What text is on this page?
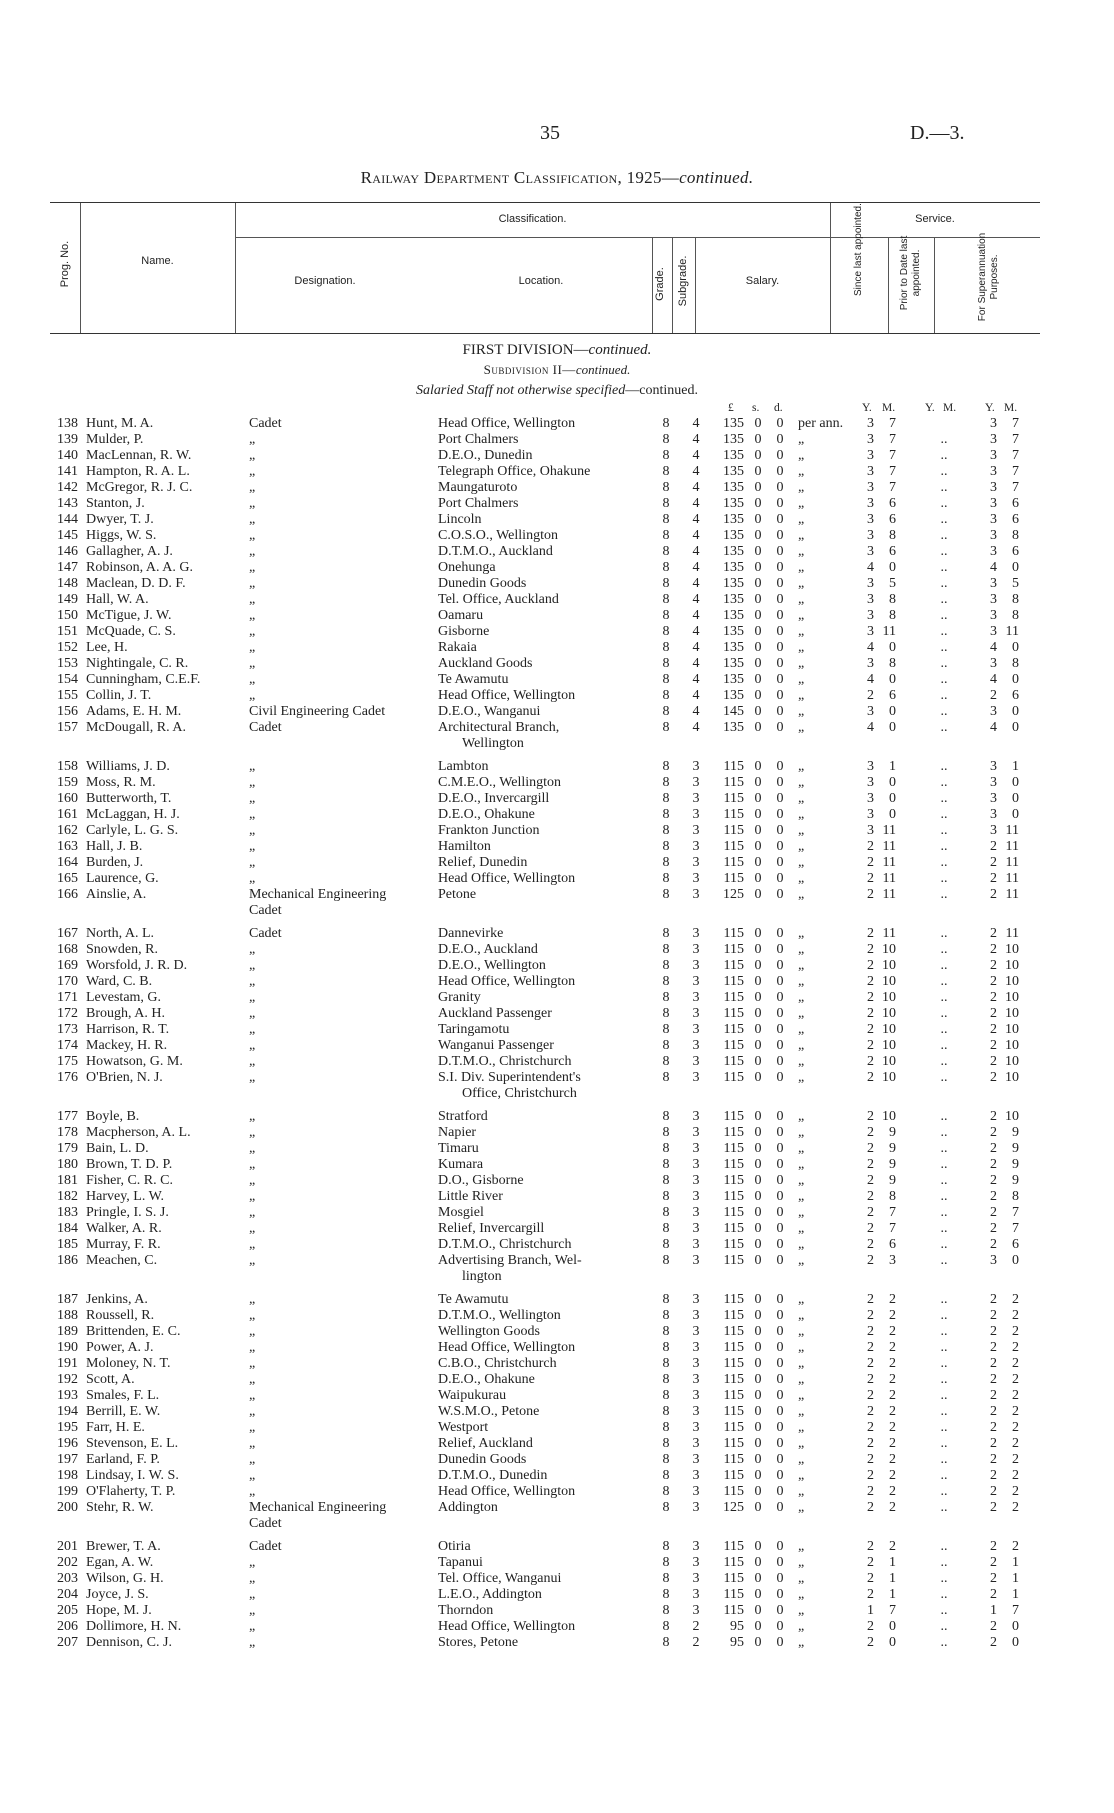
35	D.—3.
Railway Department Classification, 1925—continued.
Prog. No.	Name.
Classification.
Designation.	Location.	Grade. Subgrade.	Salary.
Service.
Since last appointed.	Prior to Date last appointed.	For Superannuation Purposes.
FIRST DIVISION—continued.
Subdivision II—continued.
Salaried Staff not otherwise specified—continued.
£ s. d.	Y. M.	Y. M.	Y. M.
138 Hunt, M. A.	Cadet	Head Office, Wellington	8 4	135 0 0 per ann.	3	7	3	7
139 Mulder, P.	„	Port Chalmers	8 4	135 0 0 „	3	7	..	3	7
140 MacLennan, R. W.	„	D.E.O., Dunedin	8 4	135 0 0 „	3	7	..	3	7
141 Hampton, R. A. L.	„	Telegraph Office, Ohakune	8 4	135 0 0 „	3	7	..	3	7
142 McGregor, R. J. C.	„	Maungaturoto	8 4	135 0 0 „	3	7	..	3	7
143 Stanton, J.	„	Port Chalmers	8 4	135 0 0 „	3	6	..	3	6
144 Dwyer, T. J.	„	Lincoln	8 4	135 0 0 „	3	6	..	3	6
145 Higgs, W. S.	„	C.O.S.O., Wellington	8 4	135 0 0 „	3	8	..	3	8
146 Gallagher, A. J.	„	D.T.M.O., Auckland	8 4	135 0 0 „	3	6	..	3	6
147 Robinson, A. A. G.	„	Onehunga	8 4	135 0 0 „	4	0	..	4	0
148 Maclean, D. D. F.	„	Dunedin Goods	8 4	135 0 0 „	3	5	..	3	5
149 Hall, W. A.	„	Tel. Office, Auckland	8 4	135 0 0 „	3	8	..	3	8
150 McTigue, J. W.	„	Oamaru	8 4	135 0 0 „	3	8	..	3	8
151 McQuade, C. S.	„	Gisborne	8 4	135 0 0 „	3 11	..	3 11
152 Lee, H.	„	Rakaia	8 4	135 0 0 „	4	0	..	4	0
153 Nightingale, C. R.	„	Auckland Goods	8 4	135 0 0 „	3	8	..	3	8
154 Cunningham, C.E.F.	„	Te Awamutu	8 4	135 0 0 „	4	0	..	4	0
155 Collin, J. T.	„	Head Office, Wellington	8 4	135 0 0 „	2	6	..	2	6
156 Adams, E. H. M.	Civil Engineering Cadet	D.E.O., Wanganui	8 4	145 0 0 „	3	0	..	3	0
157 McDougall, R. A.	Cadet	Architectural Branch,	8 4	135 0 0 „	4	0	..	4	0
Wellington
158 Williams, J. D.	„	Lambton	8 3	115 0 0 „	3	1	..	3	1
159 Moss, R. M.	„	C.M.E.O., Wellington	8 3	115 0 0 „	3	0	..	3	0
160 Butterworth, T.	„	D.E.O., Invercargill	8 3	115 0 0 „	3	0	..	3	0
161 McLaggan, H. J.	„	D.E.O., Ohakune	8 3	115 0 0 „	3	0	..	3	0
162 Carlyle, L. G. S.	„	Frankton Junction	8 3	115 0 0 „	3 11	..	3 11
163 Hall, J. B.	„	Hamilton	8 3	115 0 0 „	2 11	..	2 11
164 Burden, J.	„	Relief, Dunedin	8 3	115 0 0 „	2 11	..	2 11
165 Laurence, G.	„	Head Office, Wellington	8 3	115 0 0 „	2 11	..	2 11
166 Ainslie, A.	Mechanical Engineering	Petone	8 3	125 0 0 „	2 11	..	2 11
Cadet
167 North, A. L.	Cadet	Dannevirke	8 3	115 0 0 „	2 11	..	2 11
168 Snowden, R.	„	D.E.O., Auckland	8 3	115 0 0 „	2 10	..	2 10
169 Worsfold, J. R. D.	„	D.E.O., Wellington	8 3	115 0 0 „	2 10	..	2 10
170 Ward, C. B.	„	Head Office, Wellington	8 3	115 0 0 „	2 10	..	2 10
171 Levestam, G.	„	Granity	8 3	115 0 0 „	2 10	..	2 10
172 Brough, A. H.	„	Auckland Passenger	8 3	115 0 0 „	2 10	..	2 10
173 Harrison, R. T.	„	Taringamotu	8 3	115 0 0 „	2 10	..	2 10
174 Mackey, H. R.	„	Wanganui Passenger	8 3	115 0 0 „	2 10	..	2 10
175 Howatson, G. M.	„	D.T.M.O., Christchurch	8 3	115 0 0 „	2 10	..	2 10
176 O'Brien, N. J.	„	S.I. Div. Superintendent's	8 3	115 0 0 „	2 10	..	2 10
Office, Christchurch
177 Boyle, B.	„	Stratford	8 3	115 0 0 „	2 10	..	2 10
178 Macpherson, A. L.	„	Napier	8 3	115 0 0 „	2	9	..	2	9
179 Bain, L. D.	„	Timaru	8 3	115 0 0 „	2	9	..	2	9
180 Brown, T. D. P.	„	Kumara	8 3	115 0 0 „	2	9	..	2	9
181 Fisher, C. R. C.	„	D.O., Gisborne	8 3	115 0 0 „	2	9	..	2	9
182 Harvey, L. W.	„	Little River	8 3	115 0 0 „	2	8	..	2	8
183 Pringle, I. S. J.	„	Mosgiel	8 3	115 0 0 „	2	7	..	2	7
184 Walker, A. R.	„	Relief, Invercargill	8 3	115 0 0 „	2	7	..	2	7
185 Murray, F. R.	„	D.T.M.O., Christchurch	8 3	115 0 0 „	2	6	..	2	6
186 Meachen, C.	„	Advertising Branch, Wel-	8 3	115 0 0 „	2	3	..	3	0
lington
187 Jenkins, A.	„	Te Awamutu	8 3	115 0 0 „	2	2	..	2	2
188 Roussell, R.	„	D.T.M.O., Wellington	8 3	115 0 0 „	2	2	..	2	2
189 Brittenden, E. C.	„	Wellington Goods	8 3	115 0 0 „	2	2	..	2	2
190 Power, A. J.	„	Head Office, Wellington	8 3	115 0 0 „	2	2	..	2	2
191 Moloney, N. T.	„	C.B.O., Christchurch	8 3	115 0 0 „	2	2	..	2	2
192 Scott, A.	„	D.E.O., Ohakune	8 3	115 0 0 „	2	2	..	2	2
193 Smales, F. L.	„	Waipukurau	8 3	115 0 0 „	2	2	..	2	2
194 Berrill, E. W.	„	W.S.M.O., Petone	8 3	115 0 0 „	2	2	..	2	2
195 Farr, H. E.	„	Westport	8 3	115 0 0 „	2	2	..	2	2
196 Stevenson, E. L.	„	Relief, Auckland	8 3	115 0 0 „	2	2	..	2	2
197 Earland, F. P.	„	Dunedin Goods	8 3	115 0 0 „	2	2	..	2	2
198 Lindsay, I. W. S.	„	D.T.M.O., Dunedin	8 3	115 0 0 „	2	2	..	2	2
199 O'Flaherty, T. P.	„	Head Office, Wellington	8 3	115 0 0 „	2	2	..	2	2
200 Stehr, R. W.	Mechanical Engineering	Addington	8 3	125 0 0 „	2	2	..	2	2
Cadet
201 Brewer, T. A.	Cadet	Otiria	8 3	115 0 0 „	2	2	..	2	2
202 Egan, A. W.	„	Tapanui	8 3	115 0 0 „	2	1	..	2	1
203 Wilson, G. H.	„	Tel. Office, Wanganui	8 3	115 0 0 „	2	1	..	2	1
204 Joyce, J. S.	„	L.E.O., Addington	8 3	115 0 0 „	2	1	..	2	1
205 Hope, M. J.	„	Thorndon	8 3	115 0 0 „	1	7	..	1	7
206 Dollimore, H. N.	„	Head Office, Wellington	8 2	95 0 0 „	2	0	..	2	0
207 Dennison, C. J.	„	Stores, Petone	8 2	95 0 0 „	2	0	..	2	0
